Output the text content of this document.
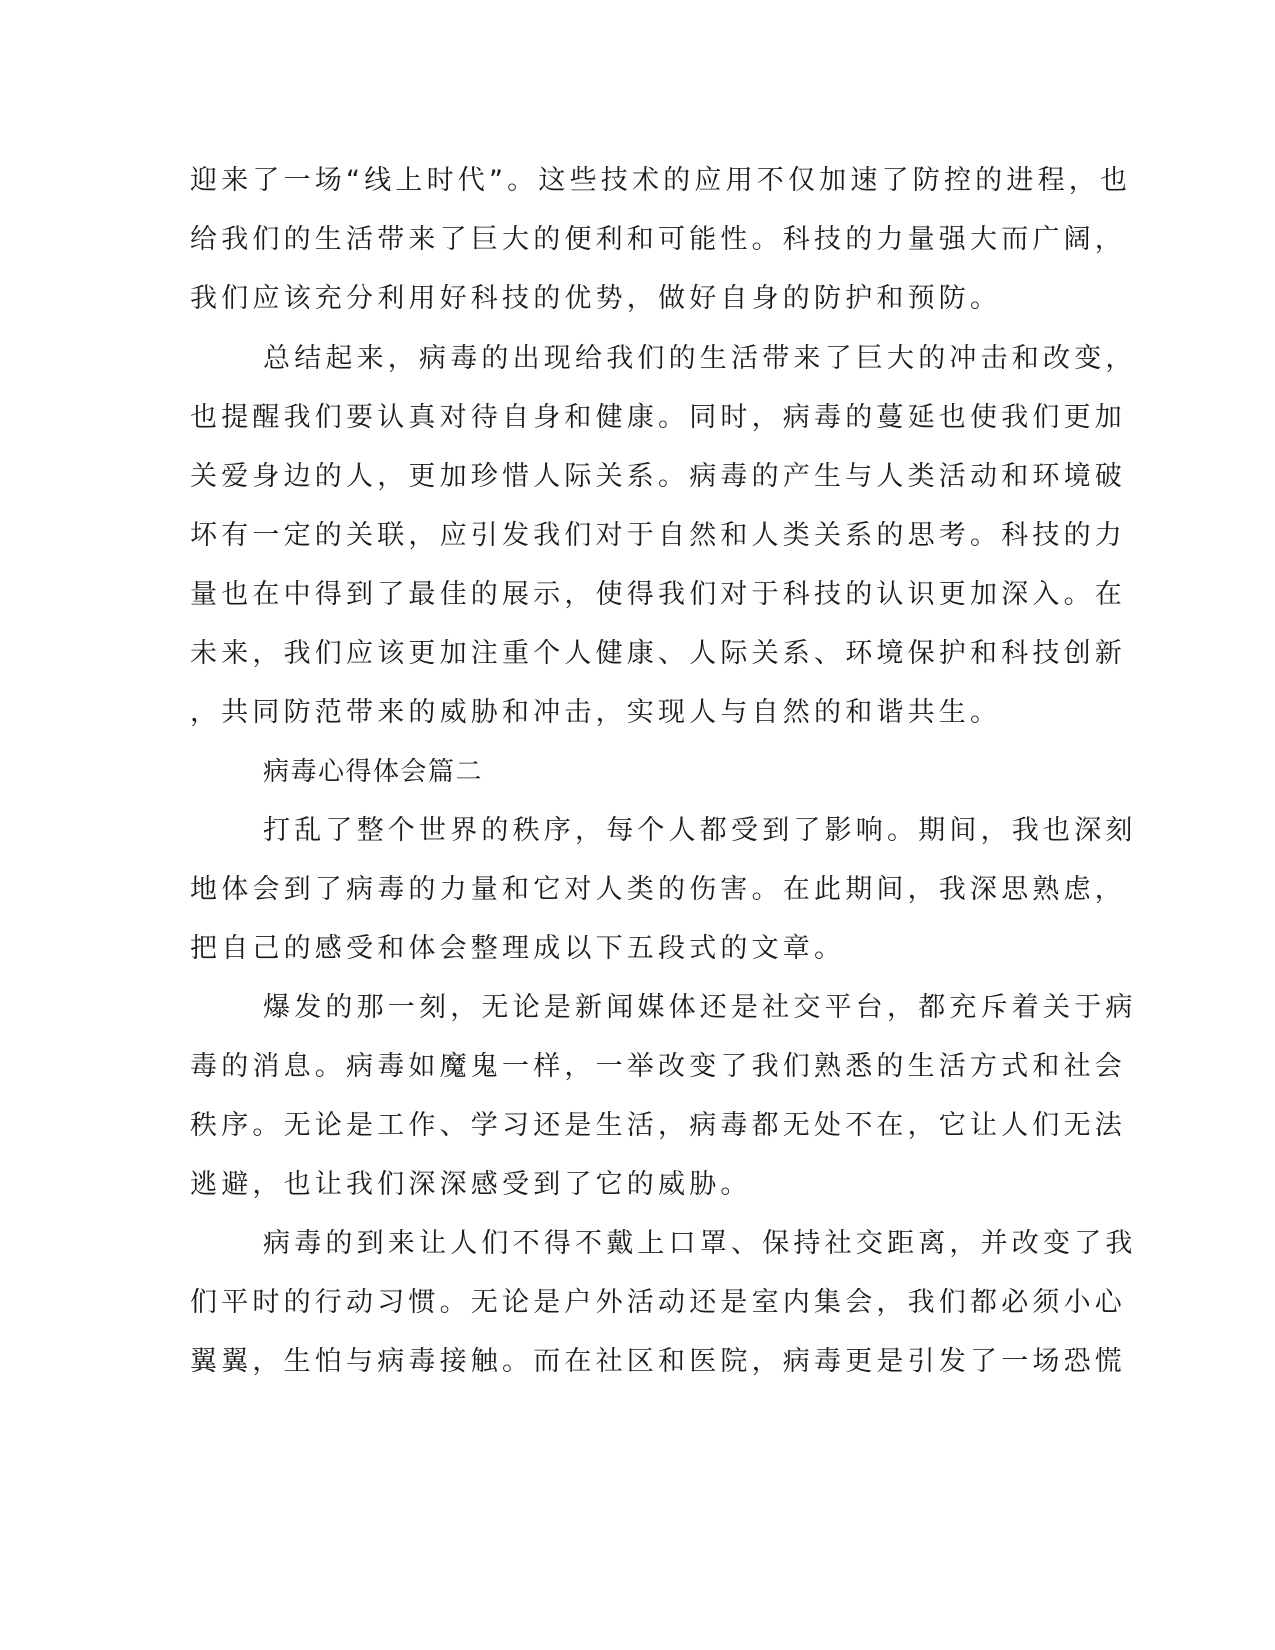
迎来了一场“线上时代”。这些技术的应用不仅加速了防控的进程，也
给我们的生活带来了巨大的便利和可能性。科技的力量强大而广阔，
我们应该充分利用好科技的优势，做好自身的防护和预防。
总结起来，病毒的出现给我们的生活带来了巨大的冲击和改变，
也提醒我们要认真对待自身和健康。同时，病毒的蔓延也使我们更加
关爱身边的人，更加珍惜人际关系。病毒的产生与人类活动和环境破
坏有一定的关联，应引发我们对于自然和人类关系的思考。科技的力
量也在中得到了最佳的展示，使得我们对于科技的认识更加深入。在
未来，我们应该更加注重个人健康、人际关系、环境保护和科技创新
，共同防范带来的威胁和冲击，实现人与自然的和谐共生。
病毒心得体会篇二
打乱了整个世界的秩序，每个人都受到了影响。期间，我也深刻
地体会到了病毒的力量和它对人类的伤害。在此期间，我深思熟虑，
把自己的感受和体会整理成以下五段式的文章。
爆发的那一刻，无论是新闻媒体还是社交平台，都充斥着关于病
毒的消息。病毒如魔鬼一样，一举改变了我们熟悉的生活方式和社会
秩序。无论是工作、学习还是生活，病毒都无处不在，它让人们无法
逃避，也让我们深深感受到了它的威胁。
病毒的到来让人们不得不戴上口罩、保持社交距离，并改变了我
们平时的行动习惯。无论是户外活动还是室内集会，我们都必须小心
翼翼，生怕与病毒接触。而在社区和医院，病毒更是引发了一场恐慌
